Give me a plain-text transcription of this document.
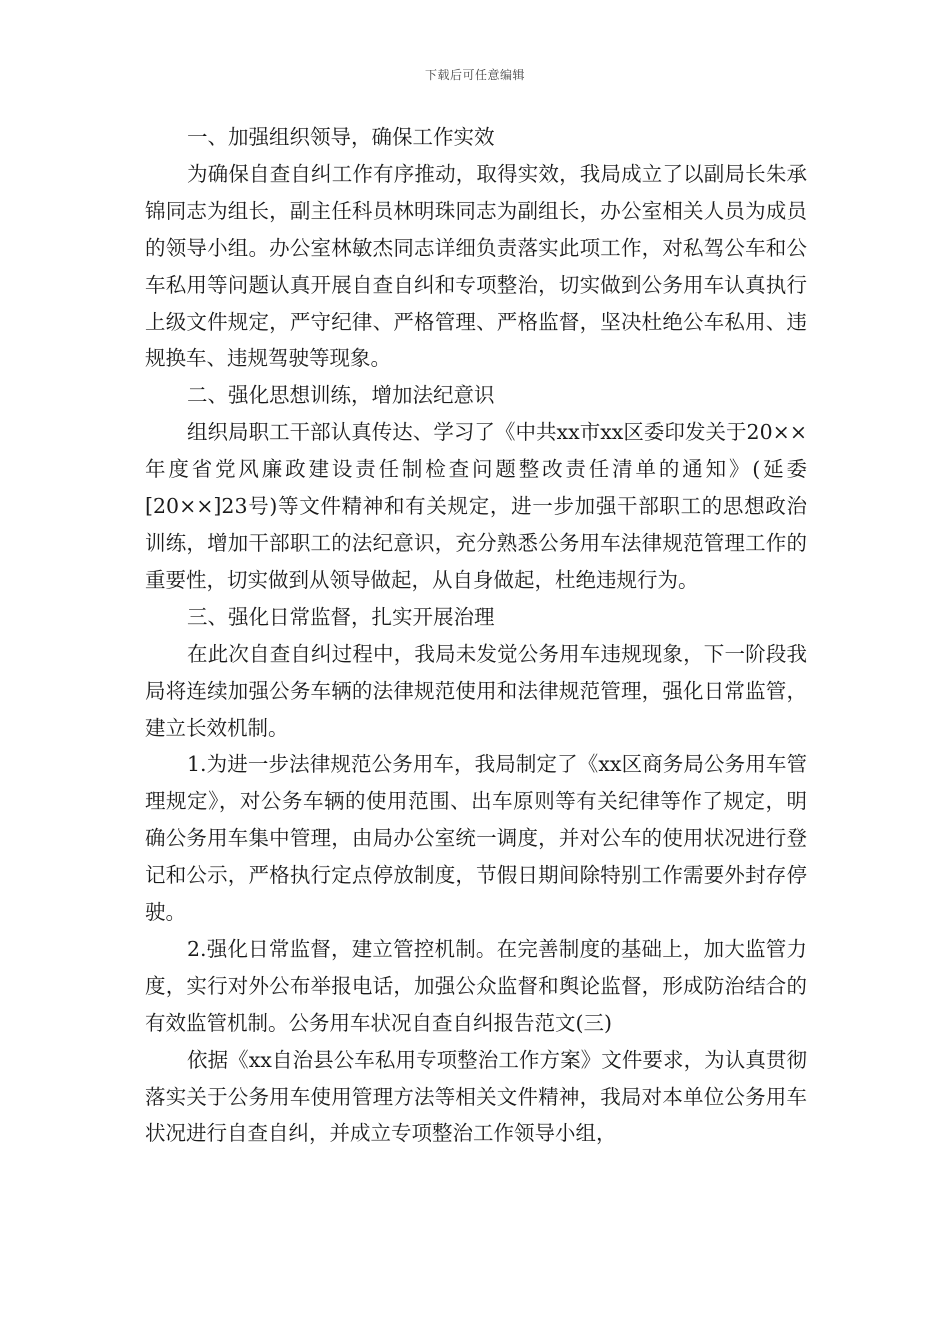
下载后可任意编辑

一、加强组织领导，确保工作实效

为确保自查自纠工作有序推动，取得实效，我局成立了以副局长朱承锦同志为组长，副主任科员林明珠同志为副组长，办公室相关人员为成员的领导小组。办公室林敏杰同志详细负责落实此项工作，对私驾公车和公车私用等问题认真开展自查自纠和专项整治，切实做到公务用车认真执行上级文件规定，严守纪律、严格管理、严格监督，坚决杜绝公车私用、违规换车、违规驾驶等现象。

二、强化思想训练，增加法纪意识

组织局职工干部认真传达、学习了《中共xx市xx区委印发关于20××年度省党风廉政建设责任制检查问题整改责任清单的通知》(延委[20××]23号)等文件精神和有关规定，进一步加强干部职工的思想政治训练，增加干部职工的法纪意识，充分熟悉公务用车法律规范管理工作的重要性，切实做到从领导做起，从自身做起，杜绝违规行为。

三、强化日常监督，扎实开展治理

在此次自查自纠过程中，我局未发觉公务用车违规现象，下一阶段我局将连续加强公务车辆的法律规范使用和法律规范管理，强化日常监管，建立长效机制。

1.为进一步法律规范公务用车，我局制定了《xx区商务局公务用车管理规定》，对公务车辆的使用范围、出车原则等有关纪律等作了规定，明确公务用车集中管理，由局办公室统一调度，并对公车的使用状况进行登记和公示，严格执行定点停放制度，节假日期间除特别工作需要外封存停驶。

2.强化日常监督，建立管控机制。在完善制度的基础上，加大监管力度，实行对外公布举报电话，加强公众监督和舆论监督，形成防治结合的有效监管机制。公务用车状况自查自纠报告范文(三)

依据《xx自治县公车私用专项整治工作方案》文件要求，为认真贯彻落实关于公务用车使用管理方法等相关文件精神，我局对本单位公务用车状况进行自查自纠，并成立专项整治工作领导小组，
